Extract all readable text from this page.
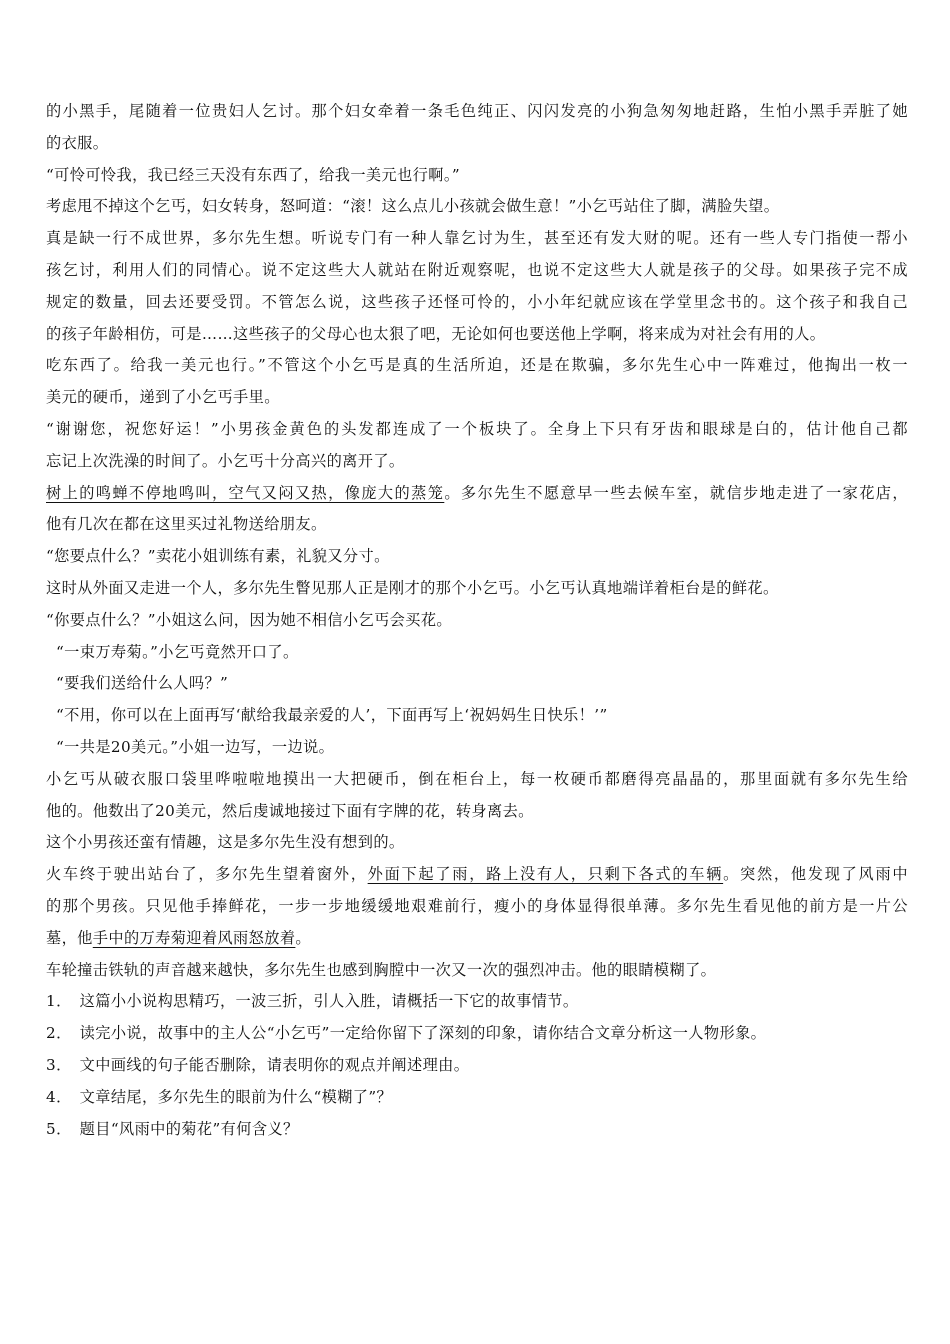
的小黑手，尾随着一位贵妇人乞讨。那个妇女牵着一条毛色纯正、闪闪发亮的小狗急匆匆地赶路，生怕小黑手弄脏了她
的衣服。
“可怜可怜我，我已经三天没有东西了，给我一美元也行啊。”
考虑甩不掉这个乞丐，妇女转身，怒呵道：“滚！这么点儿小孩就会做生意！”小乞丐站住了脚，满脸失望。
真是缺一行不成世界，多尔先生想。听说专门有一种人靠乞讨为生，甚至还有发大财的呢。还有一些人专门指使一帮小
孩乞讨，利用人们的同情心。说不定这些大人就站在附近观察呢，也说不定这些大人就是孩子的父母。如果孩子完不成
规定的数量，回去还要受罚。不管怎么说，这些孩子还怪可怜的，小小年纪就应该在学堂里念书的。这个孩子和我自己
的孩子年龄相仿，可是……这些孩子的父母心也太狠了吧，无论如何也要送他上学啊，将来成为对社会有用的人。
吃东西了。给我一美元也行。”不管这个小乞丐是真的生活所迫，还是在欺骗，多尔先生心中一阵难过，他掏出一枚一
美元的硬币，递到了小乞丐手里。
“谢谢您，祝您好运！”小男孩金黄色的头发都连成了一个板块了。全身上下只有牙齿和眼球是白的，估计他自己都
忘记上次洗澡的时间了。小乞丐十分高兴的离开了。
树上的鸣蝉不停地鸣叫，空气又闷又热，像庞大的蒸笼。多尔先生不愿意早一些去候车室，就信步地走进了一家花店，
他有几次在都在这里买过礼物送给朋友。
“您要点什么？”卖花小姐训练有素，礼貌又分寸。
这时从外面又走进一个人，多尔先生瞥见那人正是刚才的那个小乞丐。小乞丐认真地端详着柜台是的鲜花。
“你要点什么？”小姐这么问，因为她不相信小乞丐会买花。
“一束万寿菊。”小乞丐竟然开口了。
“要我们送给什么人吗？”
“不用，你可以在上面再写‘献给我最亲爱的人’，下面再写上‘祝妈妈生日快乐！’”
“一共是20美元。”小姐一边写，一边说。
小乞丐从破衣服口袋里哗啦啦地摸出一大把硬币，倒在柜台上，每一枚硬币都磨得亮晶晶的，那里面就有多尔先生给
他的。他数出了20美元，然后虔诚地接过下面有字牌的花，转身离去。
这个小男孩还蛮有情趣，这是多尔先生没有想到的。
火车终于驶出站台了，多尔先生望着窗外，外面下起了雨，路上没有人，只剩下各式的车辆。突然，他发现了风雨中
的那个男孩。只见他手捧鲜花，一步一步地缓缓地艰难前行，瘦小的身体显得很单薄。多尔先生看见他的前方是一片公
墓，他手中的万寿菊迎着风雨怒放着。
车轮撞击铁轨的声音越来越快，多尔先生也感到胸膛中一次又一次的强烈冲击。他的眼睛模糊了。
1． 这篇小小说构思精巧，一波三折，引人入胜，请概括一下它的故事情节。
2． 读完小说，故事中的主人公“小乞丐”一定给你留下了深刻的印象，请你结合文章分析这一人物形象。
3． 文中画线的句子能否删除，请表明你的观点并阐述理由。
4． 文章结尾，多尔先生的眼前为什么“模糊了”？
5． 题目“风雨中的菊花”有何含义？
